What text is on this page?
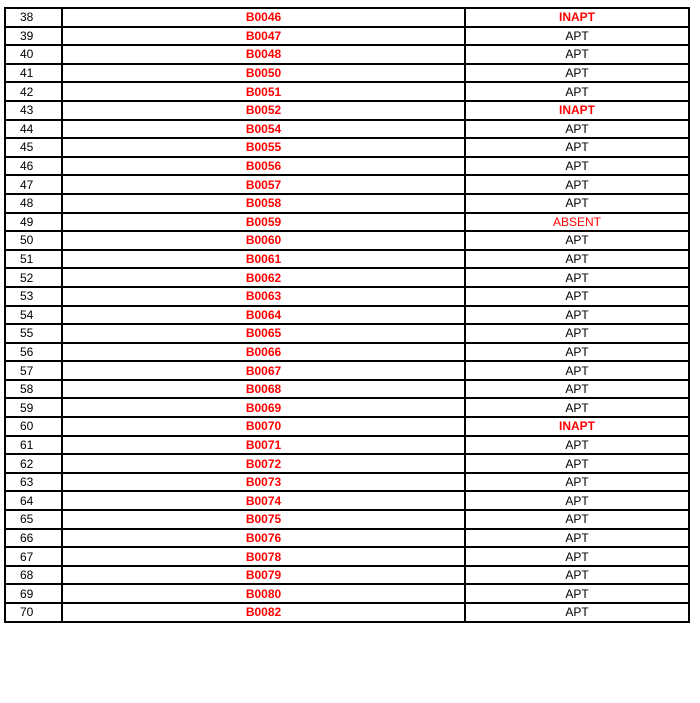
38	B0046	INAPT
39	B0047	APT
40	B0048	APT
41	B0050	APT
42	B0051	APT
43	B0052	INAPT
44	B0054	APT
45	B0055	APT
46	B0056	APT
47	B0057	APT
48	B0058	APT
49	B0059	ABSENT
50	B0060	APT
51	B0061	APT
52	B0062	APT
53	B0063	APT
54	B0064	APT
55	B0065	APT
56	B0066	APT
57	B0067	APT
58	B0068	APT
59	B0069	APT
60	B0070	INAPT
61	B0071	APT
62	B0072	APT
63	B0073	APT
64	B0074	APT
65	B0075	APT
66	B0076	APT
67	B0078	APT
68	B0079	APT
69	B0080	APT
70	B0082	APT
